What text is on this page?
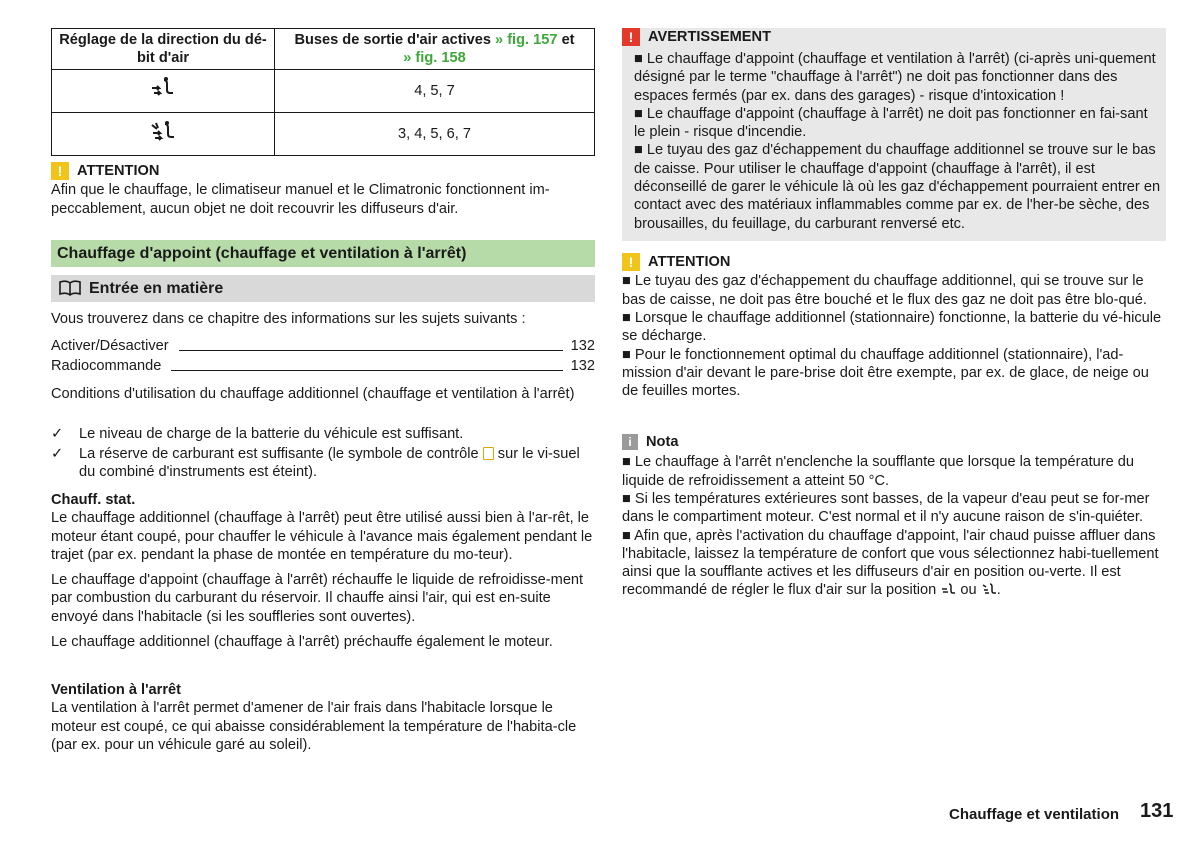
Réglage de la direction du dé-bit d'air	Buses de sortie d'air actives » fig. 157 et
» fig. 158
	4, 5, 7
	3, 4, 5, 6, 7
! ATTENTION

Afin que le chauffage, le climatiseur manuel et le Climatronic fonctionnent im-peccablement, aucun objet ne doit recouvrir les diffuseurs d'air.

Chauffage d'appoint (chauffage et ventilation à l'arrêt)
Entrée en matière

Vous trouverez dans ce chapitre des informations sur les sujets suivants :

Activer/Désactiver	132
Radiocommande	132

Conditions d'utilisation du chauffage additionnel (chauffage et ventilation à l'arrêt)

✓ Le niveau de charge de la batterie du véhicule est suffisant.
✓ La réserve de carburant est suffisante (le symbole de contrôle sur le vi-suel du combiné d'instruments est éteint).

Chauff. stat.

Le chauffage additionnel (chauffage à l'arrêt) peut être utilisé aussi bien à l'ar-rêt, le moteur étant coupé, pour chauffer le véhicule à l'avance mais également pendant le trajet (par ex. pendant la phase de montée en température du mo-teur).

Le chauffage d'appoint (chauffage à l'arrêt) réchauffe le liquide de refroidisse-ment par combustion du carburant du réservoir. Il chauffe ainsi l'air, qui est en-suite envoyé dans l'habitacle (si les souffleries sont ouvertes).

Le chauffage additionnel (chauffage à l'arrêt) préchauffe également le moteur.

Ventilation à l'arrêt

La ventilation à l'arrêt permet d'amener de l'air frais dans l'habitacle lorsque le moteur est coupé, ce qui abaisse considérablement la température de l'habita-cle (par ex. pour un véhicule garé au soleil).

! AVERTISSEMENT

■ Le chauffage d'appoint (chauffage et ventilation à l'arrêt) (ci-après uni-quement désigné par le terme "chauffage à l'arrêt") ne doit pas fonctionner dans des espaces fermés (par ex. dans des garages) - risque d'intoxication !

■ Le chauffage d'appoint (chauffage à l'arrêt) ne doit pas fonctionner en fai-sant le plein - risque d'incendie.

■ Le tuyau des gaz d'échappement du chauffage additionnel se trouve sur le bas de caisse. Pour utiliser le chauffage d'appoint (chauffage à l'arrêt), il est déconseillé de garer le véhicule là où les gaz d'échappement pourraient entrer en contact avec des matériaux inflammables comme par ex. de l'her-be sèche, des brousailles, du feuillage, du carburant renversé etc.

! ATTENTION

■ Le tuyau des gaz d'échappement du chauffage additionnel, qui se trouve sur le bas de caisse, ne doit pas être bouché et le flux des gaz ne doit pas être blo-qué.

■ Lorsque le chauffage additionnel (stationnaire) fonctionne, la batterie du vé-hicule se décharge.

■ Pour le fonctionnement optimal du chauffage additionnel (stationnaire), l'ad-mission d'air devant le pare-brise doit être exempte, par ex. de glace, de neige ou de feuilles mortes.

i Nota

■ Le chauffage à l'arrêt n'enclenche la soufflante que lorsque la température du liquide de refroidissement a atteint 50 °C.

■ Si les températures extérieures sont basses, de la vapeur d'eau peut se for-mer dans le compartiment moteur. C'est normal et il n'y aucune raison de s'in-quiéter.

■ Afin que, après l'activation du chauffage d'appoint, l'air chaud puisse affluer dans l'habitacle, laissez la température de confort que vous sélectionnez habi-tuellement ainsi que la soufflante actives et les diffuseurs d'air en position ou-verte. Il est recommandé de régler le flux d'air sur la position ou .

Chauffage et ventilation 131
